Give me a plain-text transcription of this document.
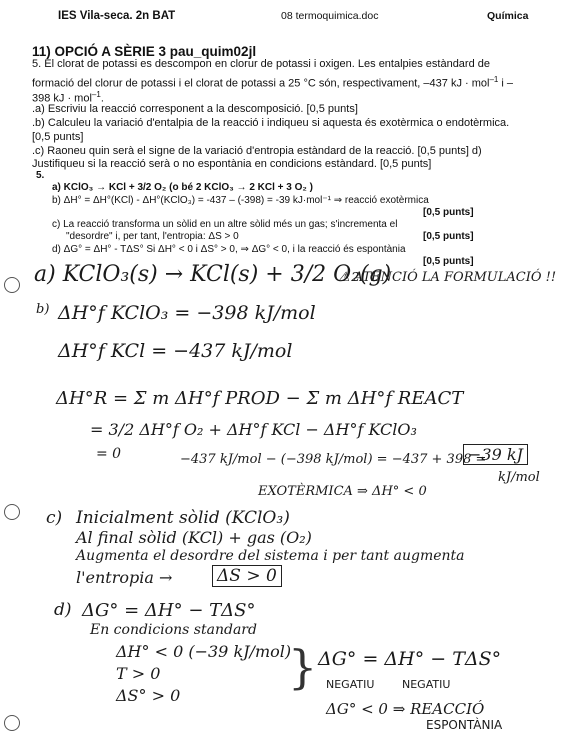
IES Vila-seca. 2n BAT	08 termoquimica.doc	Química
11) OPCIÓ A SÈRIE 3 pau_quim02jl
5. El clorat de potassi es descompon en clorur de potassi i oxigen. Les entalpies estàndard de
formació del clorur de potassi i el clorat de potassi a 25 °C són, respectivament, –437 kJ · mol$^{-1}$ i –
398 kJ · mol$^{-1}$.
.a) Escriviu la reacció corresponent a la descomposició. [0,5 punts]
.b) Calculeu la variació d'entalpia de la reacció i indiqueu si aquesta és exotèrmica o endotèrmica.
[0,5 punts]
.c) Raoneu quin serà el signe de la variació d'entropia estàndard de la reacció. [0,5 punts] d)
Justifiqueu si la reacció serà o no espontània en condicions estàndard. [0,5 punts]
5.
a) KClO₃ → KCl + 3/2 O₂ (o bé 2 KClO₃ → 2 KCl + 3 O₂ )
b) ΔH° = ΔH°(KCl) - ΔH°(KClO₃) = -437 – (-398) = -39 kJ·mol⁻¹ ⇒ reacció exotèrmica
[0,5 punts]
c) La reacció transforma un sòlid en un altre sòlid més un gas; s'incrementa el
"desordre" i, per tant, l'entropia: ΔS > 0	[0,5 punts]
d) ΔG° = ΔH° - TΔS° Si ΔH° < 0 i ΔS° > 0, ⇒ ΔG° < 0, i la reacció és espontània
[0,5 punts]
a) KClO₃(s) → KCl(s) + 3/2 O₂(g)
⚠ ATENCIÓ LA FORMULACIÓ !!
b) ΔH°f KClO₃ = −398 kJ/mol
ΔH°f KCl = −437 kJ/mol
ΔH°R = Σ m ΔH°f PROD − Σ m ΔH°f REACT
= 3/2 ΔH°f O₂ + ΔH°f KCl − ΔH°f KClO₃
= 0	−437 kJ/mol − (−398 kJ/mol) = −437 + 398 =
−39 kJ
kJ/mol
EXOTÈRMICA ⇒ ΔH° < 0
c) Inicialment sòlid (KClO₃)
Al final sòlid (KCl) + gas (O₂)
Augmenta el desordre del sistema i per tant augmenta
l'entropia →	ΔS > 0
d) ΔG° = ΔH° − TΔS°
En condicions standard
ΔH° < 0 (−39 kJ/mol)
T > 0
ΔS° > 0
} ΔG° = ΔH° − TΔS°
NEGATIU	NEGATIU
ΔG° < 0 ⇒ REACCIÓ
ESPONTÀNIA
